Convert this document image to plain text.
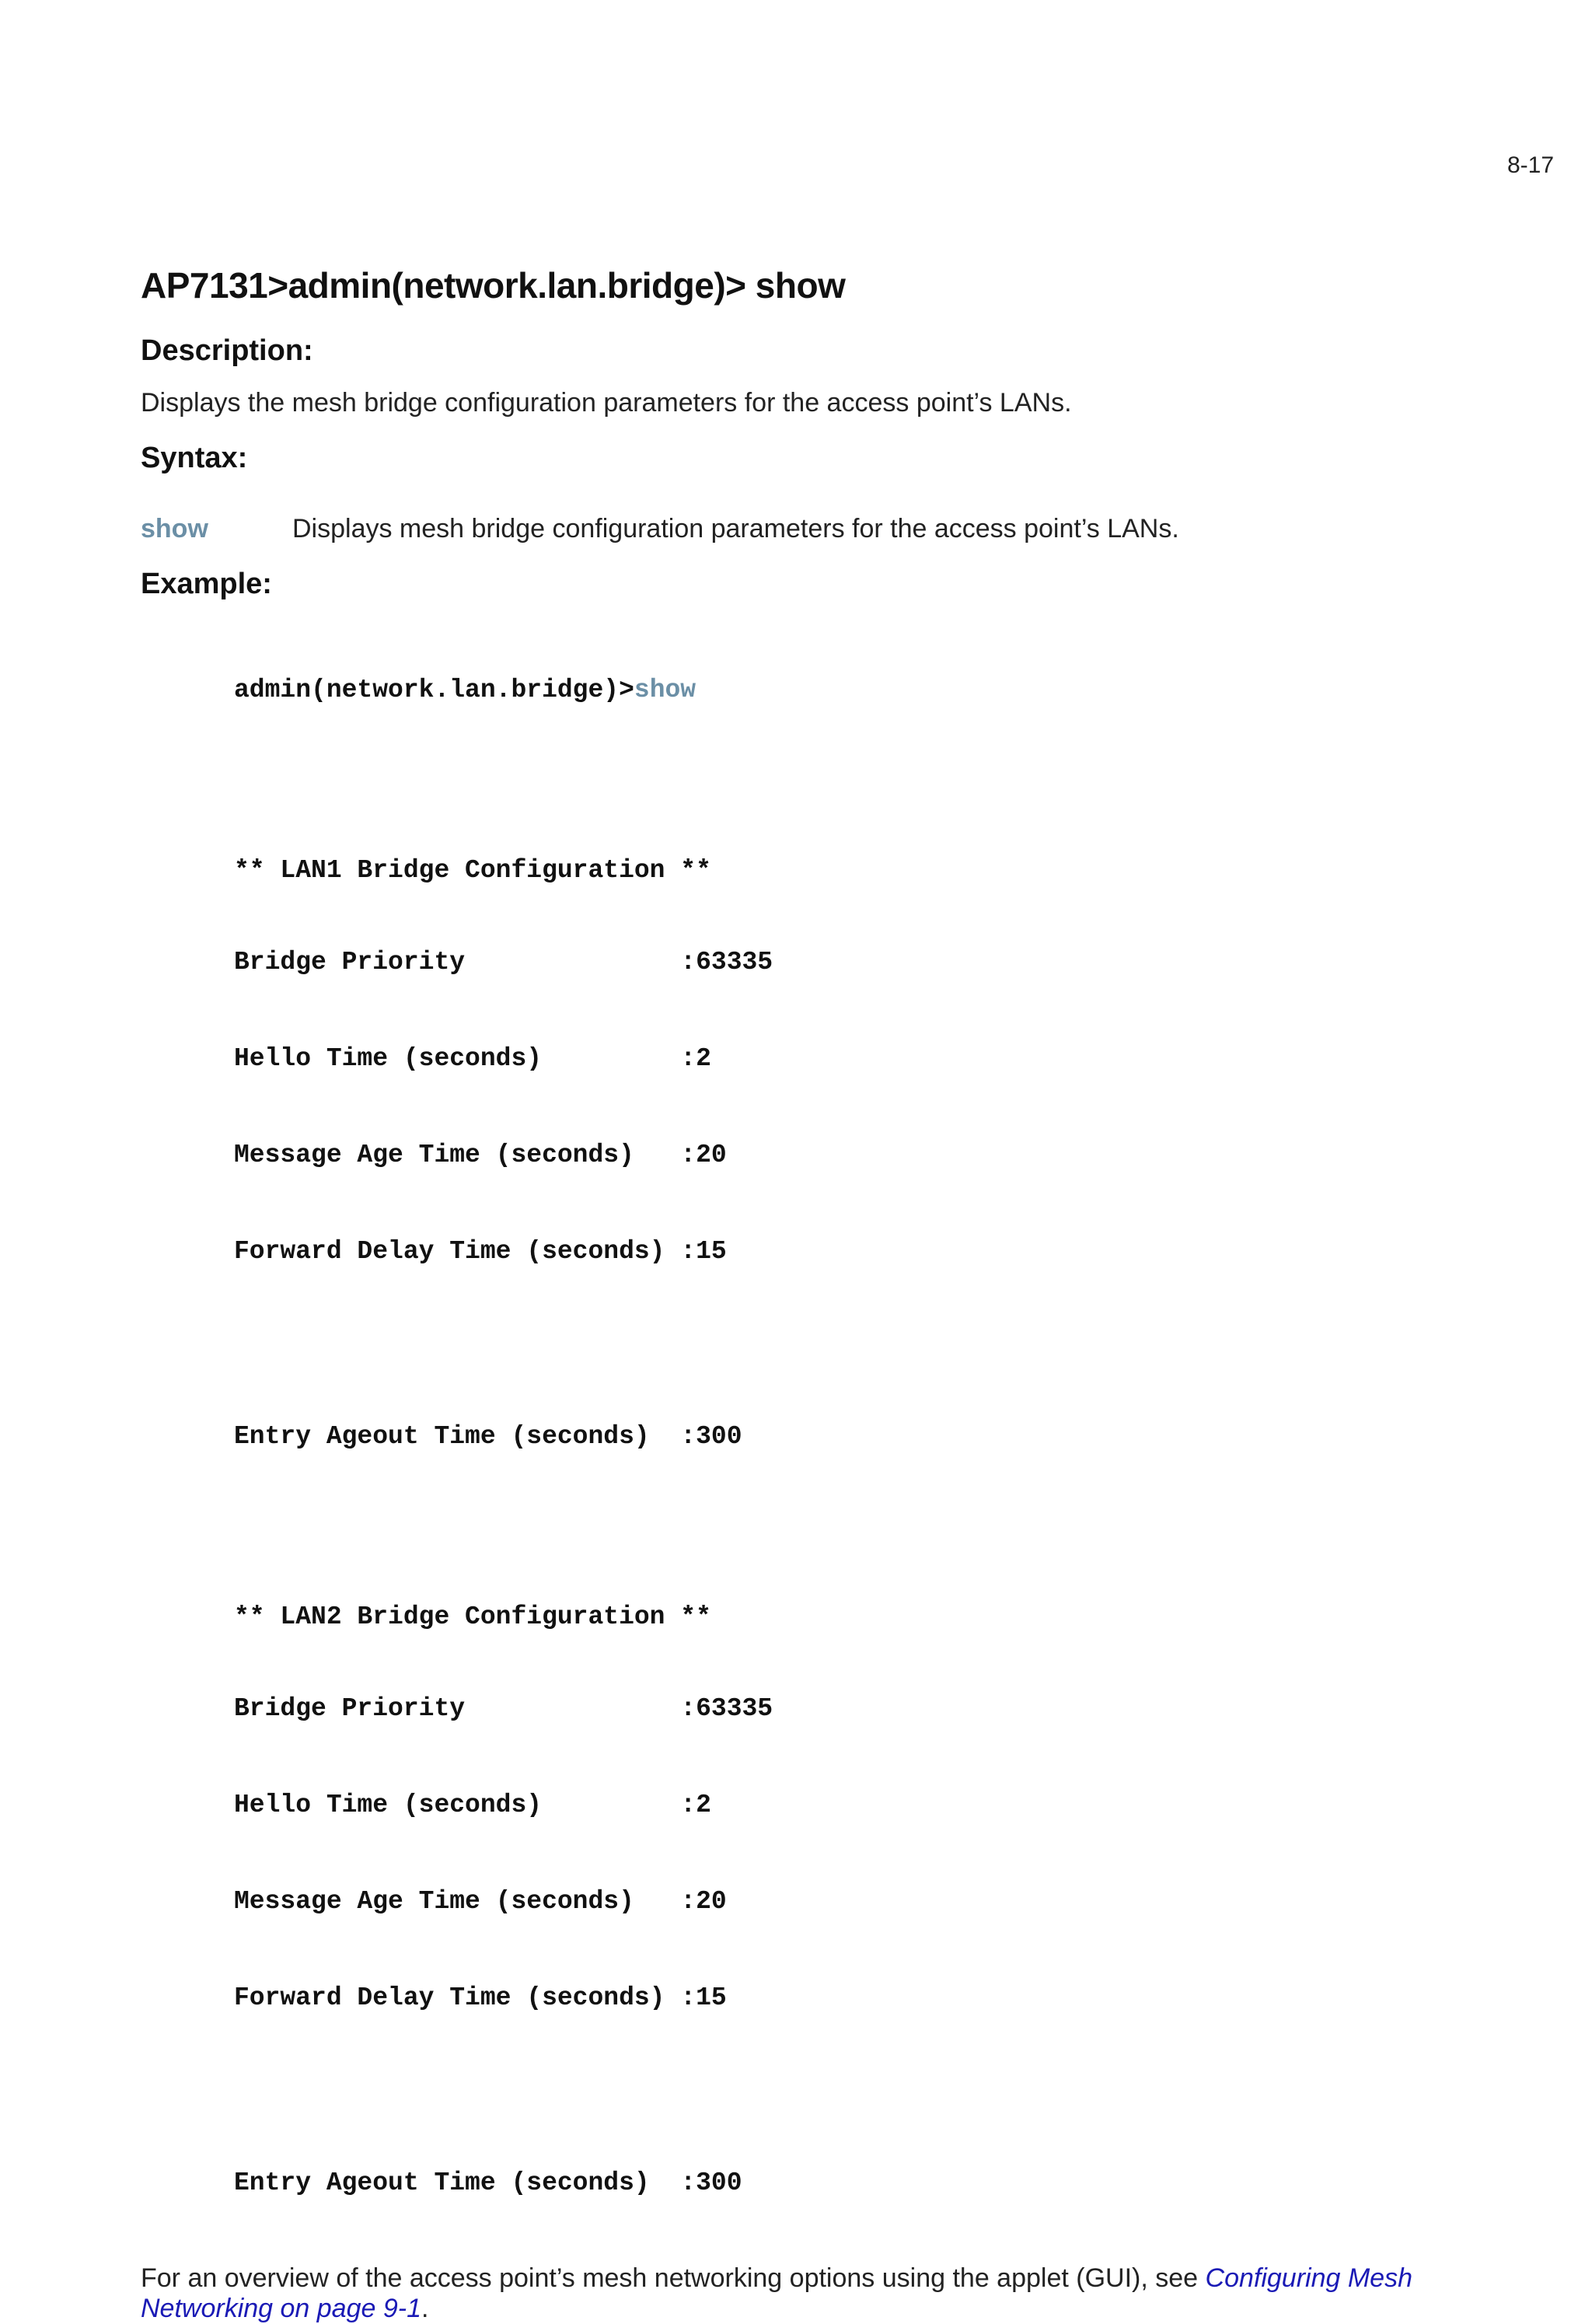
8-17
AP7131>admin(network.lan.bridge)> show

Description:

Displays the mesh bridge configuration parameters for the access point’s LANs.

Syntax:

show	Displays mesh bridge configuration parameters for the access point’s LANs.

Example:

admin(network.lan.bridge)>show

** LAN1 Bridge Configuration **

Bridge Priority              :63335

Hello Time (seconds)         :2

Message Age Time (seconds)   :20

Forward Delay Time (seconds) :15

Entry Ageout Time (seconds)  :300

** LAN2 Bridge Configuration **

Bridge Priority              :63335

Hello Time (seconds)         :2

Message Age Time (seconds)   :20

Forward Delay Time (seconds) :15

Entry Ageout Time (seconds)  :300

For an overview of the access point’s mesh networking options using the applet (GUI), see Configuring Mesh Networking on page 9-1.
